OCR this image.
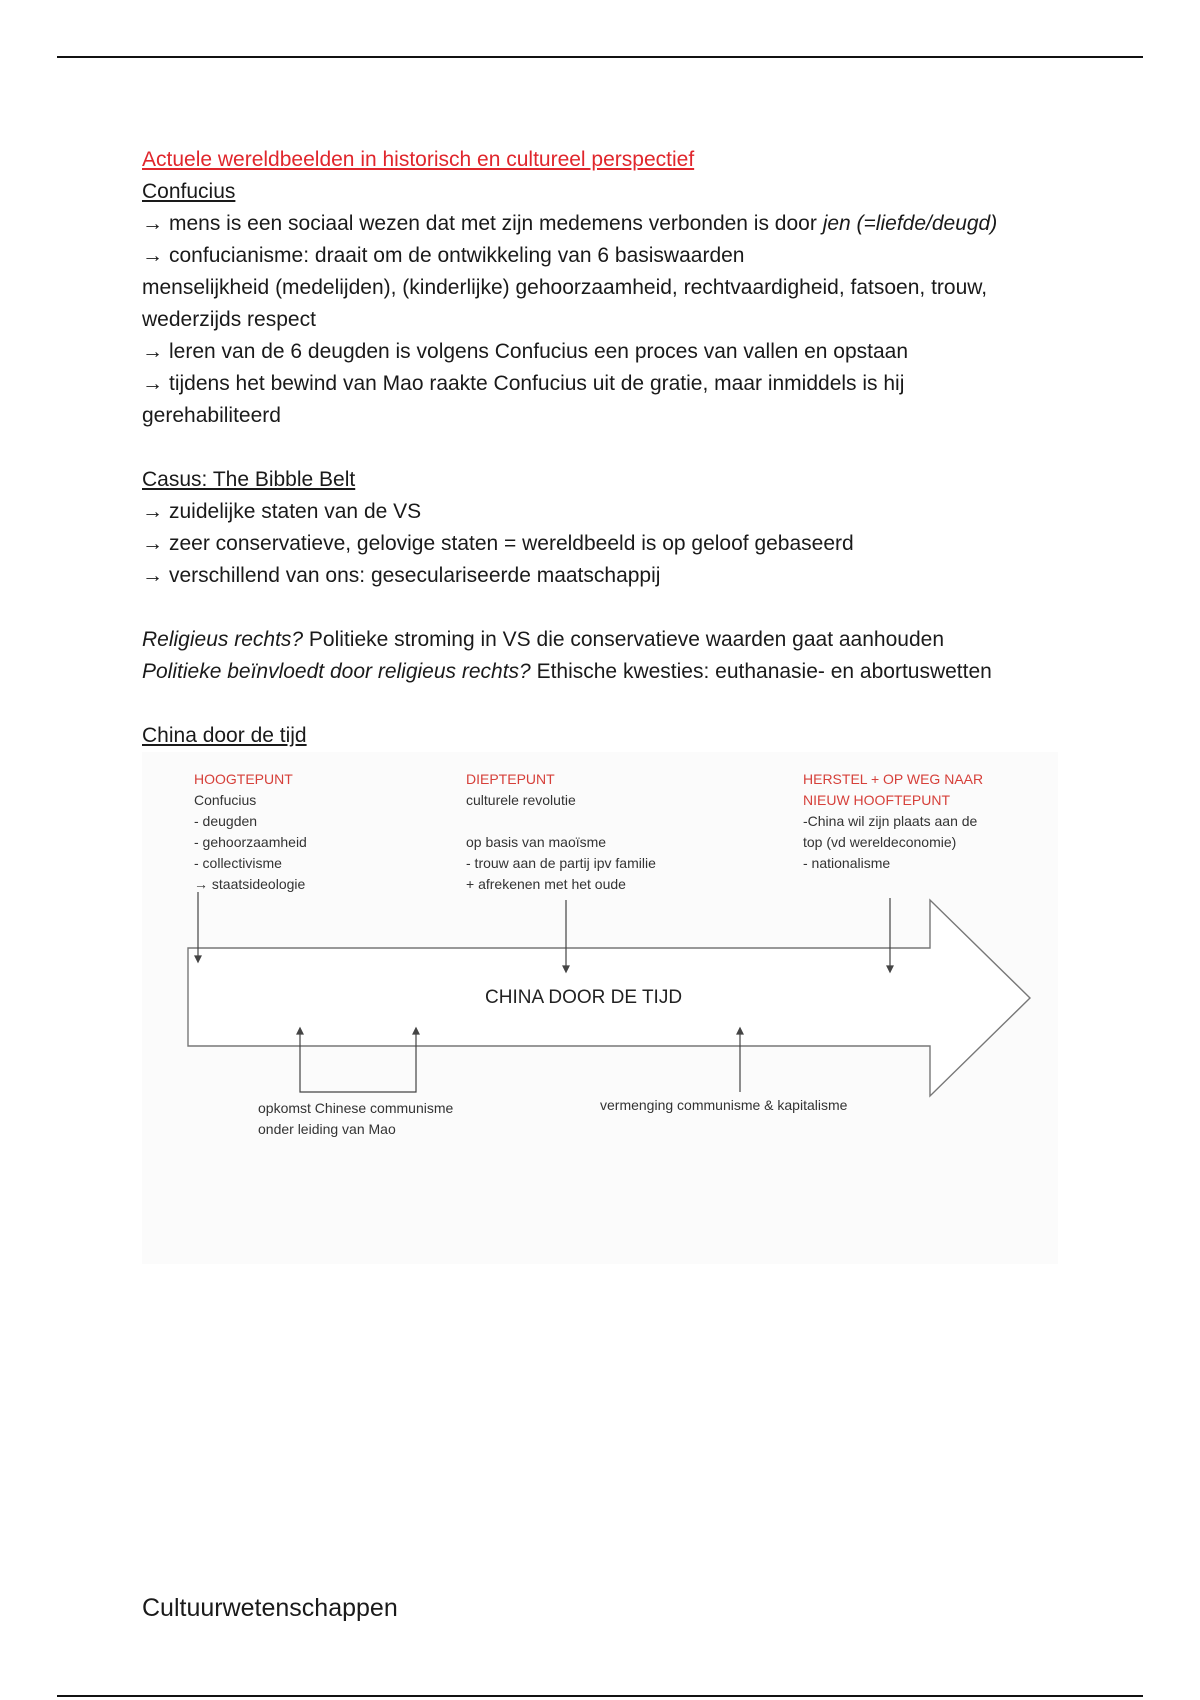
Actuele wereldbeelden in historisch en cultureel perspectief
Confucius
→ mens is een sociaal wezen dat met zijn medemens verbonden is door jen (=liefde/deugd)
→ confucianisme: draait om de ontwikkeling van 6 basiswaarden
menselijkheid (medelijden), (kinderlijke) gehoorzaamheid, rechtvaardigheid, fatsoen, trouw, wederzijds respect
→ leren van de 6 deugden is volgens Confucius een proces van vallen en opstaan
→ tijdens het bewind van Mao raakte Confucius uit de gratie, maar inmiddels is hij gerehabiliteerd
Casus: The Bibble Belt
→ zuidelijke staten van de VS
→ zeer conservatieve, gelovige staten = wereldbeeld is op geloof gebaseerd
→ verschillend van ons: geseculariseerde maatschappij
Religieus rechts? Politieke stroming in VS die conservatieve waarden gaat aanhouden
Politieke beïnvloedt door religieus rechts? Ethische kwesties: euthanasie- en abortuswetten
China door de tijd
HOOGTEPUNT
Confucius
- deugden
- gehoorzaamheid
- collectivisme
→ staatsideologie
DIEPTEPUNT
culturele revolutie
op basis van maoïsme
- trouw aan de partij ipv familie
+ afrekenen met het oude
HERSTEL + OP WEG NAAR
NIEUW HOOFTEPUNT
-China wil zijn plaats aan de
top (vd wereldeconomie)
- nationalisme
CHINA DOOR DE TIJD
opkomst Chinese communisme
onder leiding van Mao
vermenging communisme & kapitalisme
Cultuurwetenschappen
